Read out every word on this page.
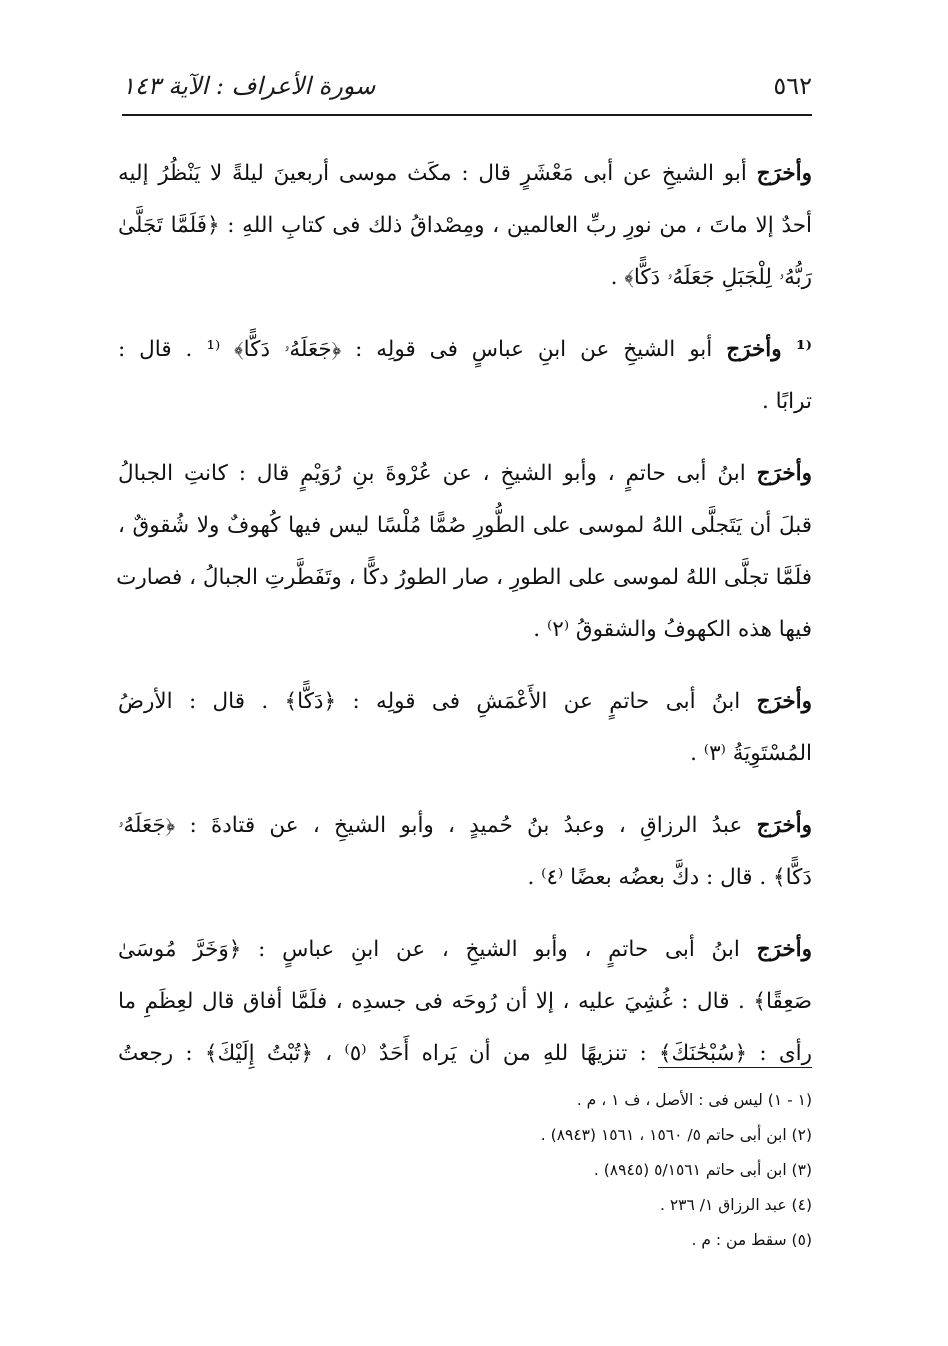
سورة الأعراف : الآية ١٤٣	٥٦٢
وأخرَج أبو الشيخِ عن أبى مَعْشَرٍ قال : مكَث موسى أربعينَ ليلةً لا يَنْظُرُ إليه
أحدٌ إلا ماتَ ، من نورِ ربِّ العالمين ، ومِصْداقُ ذلك فى كتابِ اللهِ : ﴿فَلَمَّا تَجَلَّىٰ
رَبُّهُۥ لِلْجَبَلِ جَعَلَهُۥ دَكًّا﴾ .
⁽¹ وأخرَج أبو الشيخِ عن ابنِ عباسٍ فى قولِه : ﴿جَعَلَهُۥ دَكًّا﴾ ⁽¹ . قال :
ترابًا .
وأخرَج ابنُ أبى حاتمٍ ، وأبو الشيخِ ، عن عُرْوةَ بنِ رُوَيْمٍ قال : كانتِ الجبالُ
قبلَ أن يَتَجلَّى اللهُ لموسى على الطُّورِ صُمًّا مُلْسًا ليس فيها كُهوفٌ ولا شُقوقٌ ،
فلَمَّا تجلَّى اللهُ لموسى على الطورِ ، صار الطورُ دكًّا ، وتَفَطَّرتِ الجبالُ ، فصارت
فيها هذه الكهوفُ والشقوقُ ⁽٢⁾ .
وأخرَج ابنُ أبى حاتمٍ عن الأَعْمَشِ فى قولِه : ﴿دَكًّا﴾ . قال : الأرضُ
المُسْتَوِيَةُ ⁽٣⁾ .
وأخرَج عبدُ الرزاقِ ، وعبدُ بنُ حُميدٍ ، وأبو الشيخِ ، عن قتادةَ : ﴿جَعَلَهُۥ
دَكًّا﴾ . قال : دكَّ بعضُه بعضًا ⁽٤⁾ .
وأخرَج ابنُ أبى حاتمٍ ، وأبو الشيخِ ، عن ابنِ عباسٍ : ﴿وَخَرَّ مُوسَىٰ
صَعِقًا﴾ . قال : غُشِيَ عليه ، إلا أن رُوحَه فى جسدِه ، فلَمَّا أفاق قال لعِظَمِ ما
رأى : ﴿سُبْحَٰنَكَ﴾ : تنزيهًا للهِ من أن يَراه أَحَدٌ ⁽٥⁾ ، ﴿تُبْتُ إِلَيْكَ﴾ : رجعتُ
(١ - ١) ليس فى : الأصل ، ف ١ ، م .
(٢) ابن أبى حاتم ٥/ ١٥٦٠ ، ١٥٦١ (٨٩٤٣) .
(٣) ابن أبى حاتم ٥/١٥٦١ (٨٩٤٥) .
(٤) عبد الرزاق ١/ ٢٣٦ .
(٥) سقط من : م .
